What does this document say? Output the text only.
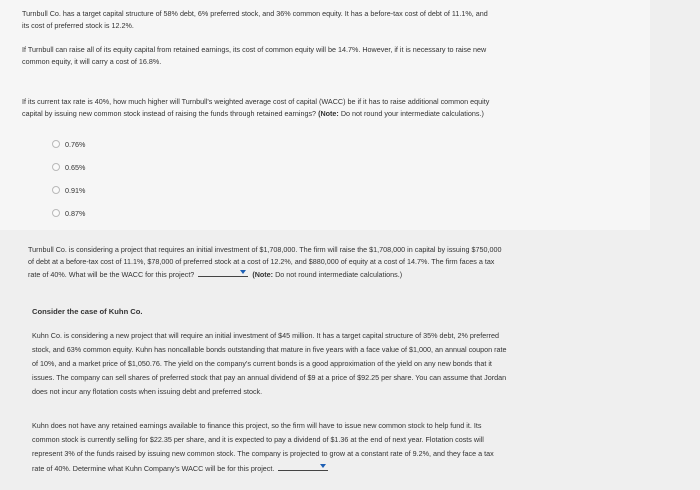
Turnbull Co. has a target capital structure of 58% debt, 6% preferred stock, and 36% common equity. It has a before-tax cost of debt of 11.1%, and

its cost of preferred stock is 12.2%.

If Turnbull can raise all of its equity capital from retained earnings, its cost of common equity will be 14.7%. However, if it is necessary to raise new

common equity, it will carry a cost of 16.8%.

If its current tax rate is 40%, how much higher will Turnbull's weighted average cost of capital (WACC) be if it has to raise additional common equity

capital by issuing new common stock instead of raising the funds through retained earnings? (Note: Do not round your intermediate calculations.)

0.76%
0.65%
0.91%
0.87%

Turnbull Co. is considering a project that requires an initial investment of $1,708,000. The firm will raise the $1,708,000 in capital by issuing $750,000

of debt at a before-tax cost of 11.1%, $78,000 of preferred stock at a cost of 12.2%, and $880,000 of equity at a cost of 14.7%. The firm faces a tax

rate of 40%. What will be the WACC for this project?	(Note: Do not round intermediate calculations.)

Consider the case of Kuhn Co.

Kuhn Co. is considering a new project that will require an initial investment of $45 million. It has a target capital structure of 35% debt, 2% preferred

stock, and 63% common equity. Kuhn has noncallable bonds outstanding that mature in five years with a face value of $1,000, an annual coupon rate

of 10%, and a market price of $1,050.76. The yield on the company's current bonds is a good approximation of the yield on any new bonds that it

issues. The company can sell shares of preferred stock that pay an annual dividend of $9 at a price of $92.25 per share. You can assume that Jordan

does not incur any flotation costs when issuing debt and preferred stock.

Kuhn does not have any retained earnings available to finance this project, so the firm will have to issue new common stock to help fund it. Its

common stock is currently selling for $22.35 per share, and it is expected to pay a dividend of $1.36 at the end of next year. Flotation costs will

represent 3% of the funds raised by issuing new common stock. The company is projected to grow at a constant rate of 9.2%, and they face a tax

rate of 40%. Determine what Kuhn Company's WACC will be for this project.
